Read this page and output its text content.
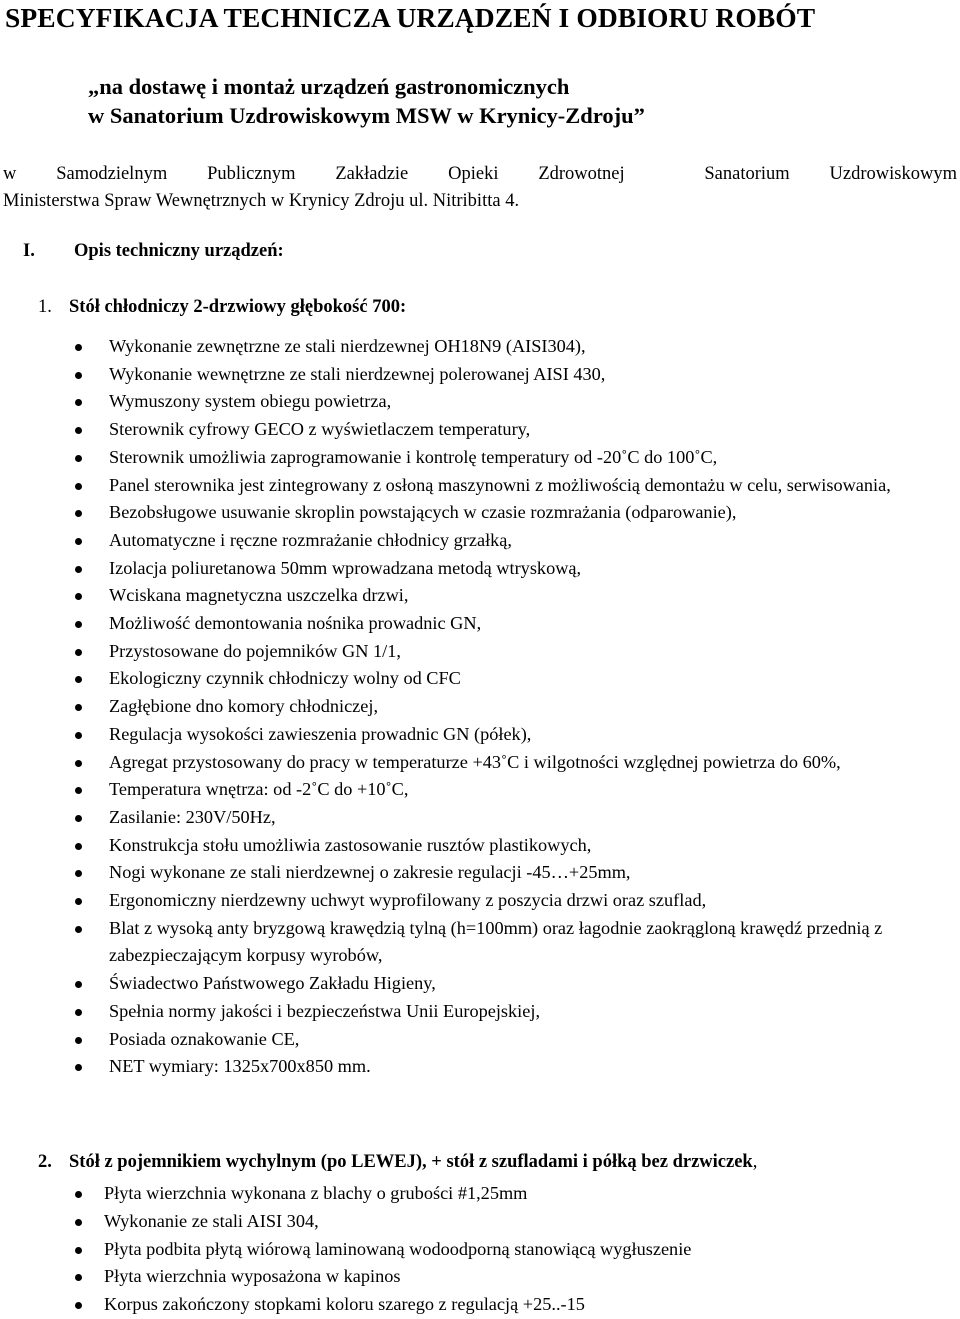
SPECYFIKACJA TECHNICZA URZĄDZEŃ I ODBIORU ROBÓT
„na dostawę i montaż urządzeń gastronomicznych
w Sanatorium Uzdrowiskowym MSW w Krynicy-Zdroju”
w Samodzielnym Publicznym Zakładzie Opieki Zdrowotnej	Sanatorium Uzdrowiskowym
Ministerstwa Spraw Wewnętrznych w Krynicy Zdroju ul. Nitribitta 4.
I. Opis techniczny urządzeń:
1. Stół chłodniczy 2-drzwiowy głębokość 700:
Wykonanie zewnętrzne ze stali nierdzewnej OH18N9 (AISI304),
Wykonanie wewnętrzne ze stali nierdzewnej polerowanej AISI 430,
Wymuszony system obiegu powietrza,
Sterownik cyfrowy GECO z wyświetlaczem temperatury,
Sterownik umożliwia zaprogramowanie i kontrolę temperatury od -20˚C do 100˚C,
Panel sterownika jest zintegrowany z osłoną maszynowni z możliwością demontażu w celu, serwisowania,
Bezobsługowe usuwanie skroplin powstających w czasie rozmrażania (odparowanie),
Automatyczne i ręczne rozmrażanie chłodnicy grzałką,
Izolacja poliuretanowa 50mm wprowadzana metodą wtryskową,
Wciskana magnetyczna uszczelka drzwi,
Możliwość demontowania nośnika prowadnic GN,
Przystosowane do pojemników GN 1/1,
Ekologiczny czynnik chłodniczy wolny od CFC
Zagłębione dno komory chłodniczej,
Regulacja wysokości zawieszenia prowadnic GN (półek),
Agregat przystosowany do pracy w temperaturze +43˚C i wilgotności względnej powietrza do 60%,
Temperatura wnętrza: od -2˚C do +10˚C,
Zasilanie: 230V/50Hz,
Konstrukcja stołu umożliwia zastosowanie rusztów plastikowych,
Nogi wykonane ze stali nierdzewnej o zakresie regulacji -45…+25mm,
Ergonomiczny nierdzewny uchwyt wyprofilowany z poszycia drzwi oraz szuflad,
Blat z wysoką anty bryzgową krawędzią tylną (h=100mm) oraz łagodnie zaokrągloną krawędź przednią z zabezpieczającym korpusy wyrobów,
Świadectwo Państwowego Zakładu Higieny,
Spełnia normy jakości i bezpieczeństwa Unii Europejskiej,
Posiada oznakowanie CE,
NET wymiary: 1325x700x850 mm.
2. Stół z pojemnikiem wychylnym (po LEWEJ), + stół z szufladami i półką bez drzwiczek,
Płyta wierzchnia wykonana z blachy o grubości #1,25mm
Wykonanie ze stali AISI 304,
Płyta podbita płytą wiórową laminowaną wodoodporną stanowiącą wygłuszenie
Płyta wierzchnia wyposażona w kapinos
Korpus zakończony stopkami koloru szarego z regulacją +25..-15
